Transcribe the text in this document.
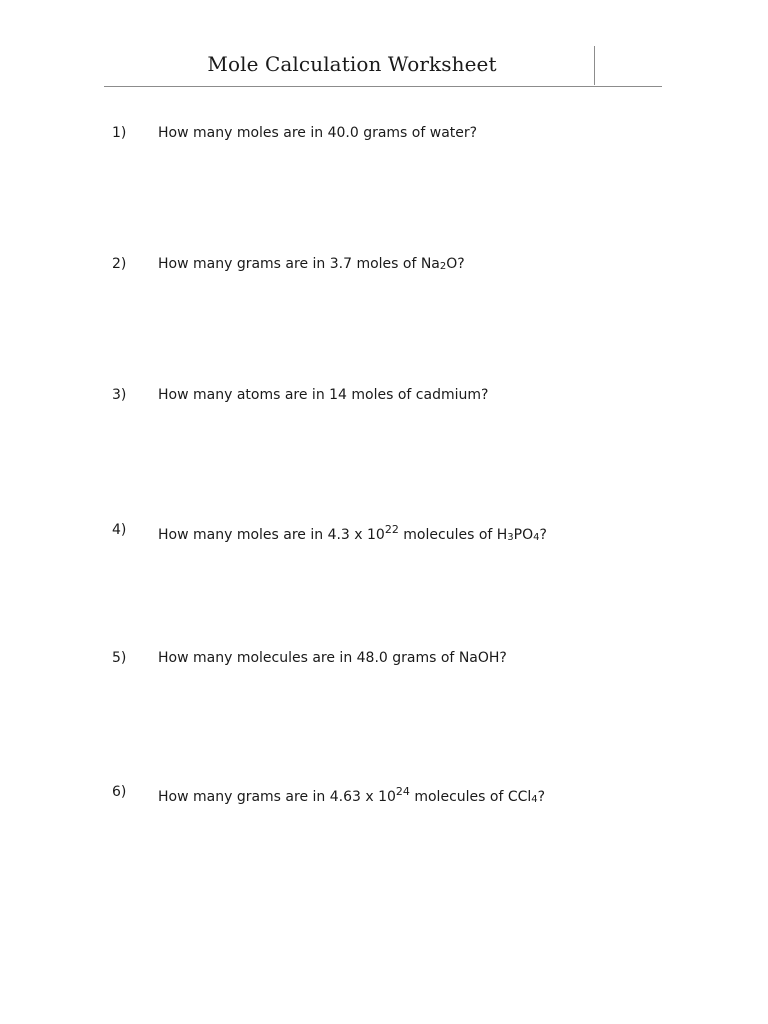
Mole Calculation Worksheet
1) How many moles are in 40.0 grams of water?
2) How many grams are in 3.7 moles of Na2O?
3) How many atoms are in 14 moles of cadmium?
4) How many moles are in 4.3 x $10^{22}$ molecules of H3PO4?
5) How many molecules are in 48.0 grams of NaOH?
6) How many grams are in 4.63 x $10^{24}$ molecules of CCl4?
